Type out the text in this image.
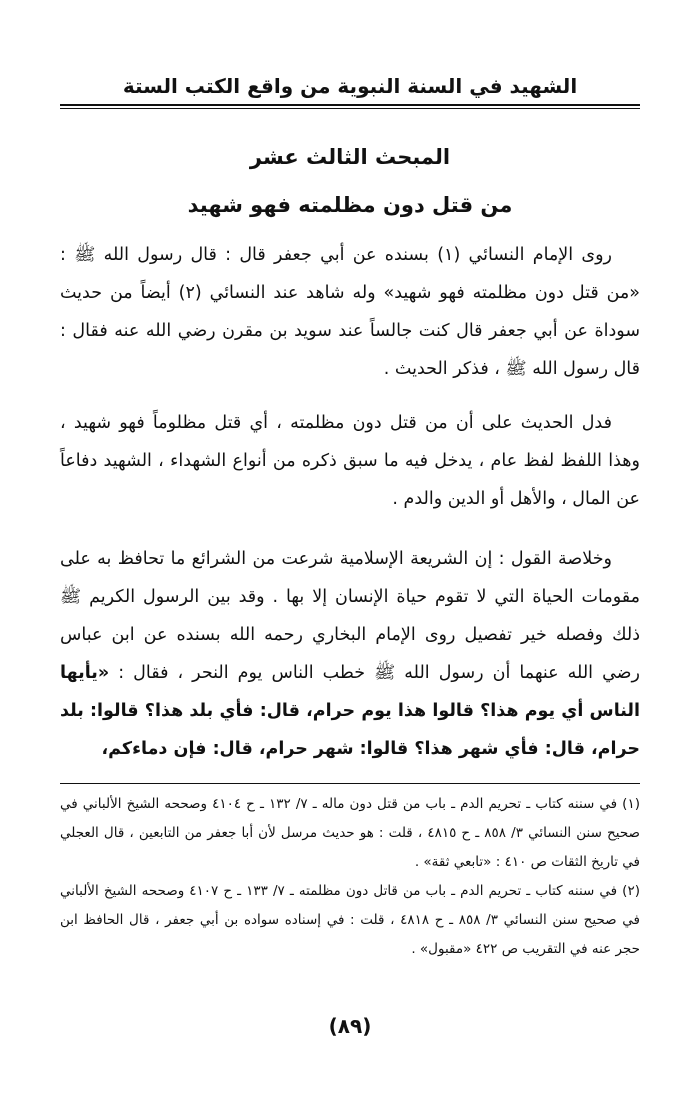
الشهيد في السنة النبوية من واقع الكتب الستة
المبحث الثالث عشر
من قتل دون مظلمته فهو شهيد

روى الإمام النسائي (١) بسنده عن أبي جعفر قال : قال رسول الله ﷺ : «من قتل دون مظلمته فهو شهيد» وله شاهد عند النسائي (٢) أيضاً من حديث سوداة عن أبي جعفر قال كنت جالساً عند سويد بن مقرن رضي الله عنه فقال : قال رسول الله ﷺ ، فذكر الحديث .

فدل الحديث على أن من قتل دون مظلمته ، أي قتل مظلوماً فهو شهيد ، وهذا اللفظ لفظ عام ، يدخل فيه ما سبق ذكره من أنواع الشهداء ، الشهيد دفاعاً عن المال ، والأهل أو الدين والدم .

وخلاصة القول : إن الشريعة الإسلامية شرعت من الشرائع ما تحافظ به على مقومات الحياة التي لا تقوم حياة الإنسان إلا بها . وقد بين الرسول الكريم ﷺ ذلك وفصله خير تفصيل روى الإمام البخاري رحمه الله بسنده عن ابن عباس رضي الله عنهما أن رسول الله ﷺ خطب الناس يوم النحر ، فقال : «يأيها الناس أي يوم هذا؟ قالوا هذا يوم حرام، قال: فأي بلد هذا؟ قالوا: بلد حرام، قال: فأي شهر هذا؟ قالوا: شهر حرام، قال: فإن دماءكم،

(١) في سننه كتاب ـ تحريم الدم ـ باب من قتل دون ماله ـ ٧/ ١٣٢ ـ ح ٤١٠٤ وصححه الشيخ الألباني في صحيح سنن النسائي ٣/ ٨٥٨ ـ ح ٤٨١٥ ، قلت : هو حديث مرسل لأن أبا جعفر من التابعين ، قال العجلي في تاريخ الثقات ص ٤١٠ : «تابعي ثقة» .

(٢) في سننه كتاب ـ تحريم الدم ـ باب من قاتل دون مظلمته ـ ٧/ ١٣٣ ـ ح ٤١٠٧ وصححه الشيخ الألباني في صحيح سنن النسائي ٣/ ٨٥٨ ـ ح ٤٨١٨ ، قلت : في إسناده سواده بن أبي جعفر ، قال الحافظ ابن حجر عنه في التقريب ص ٤٢٢ «مقبول» .

(٨٩)
